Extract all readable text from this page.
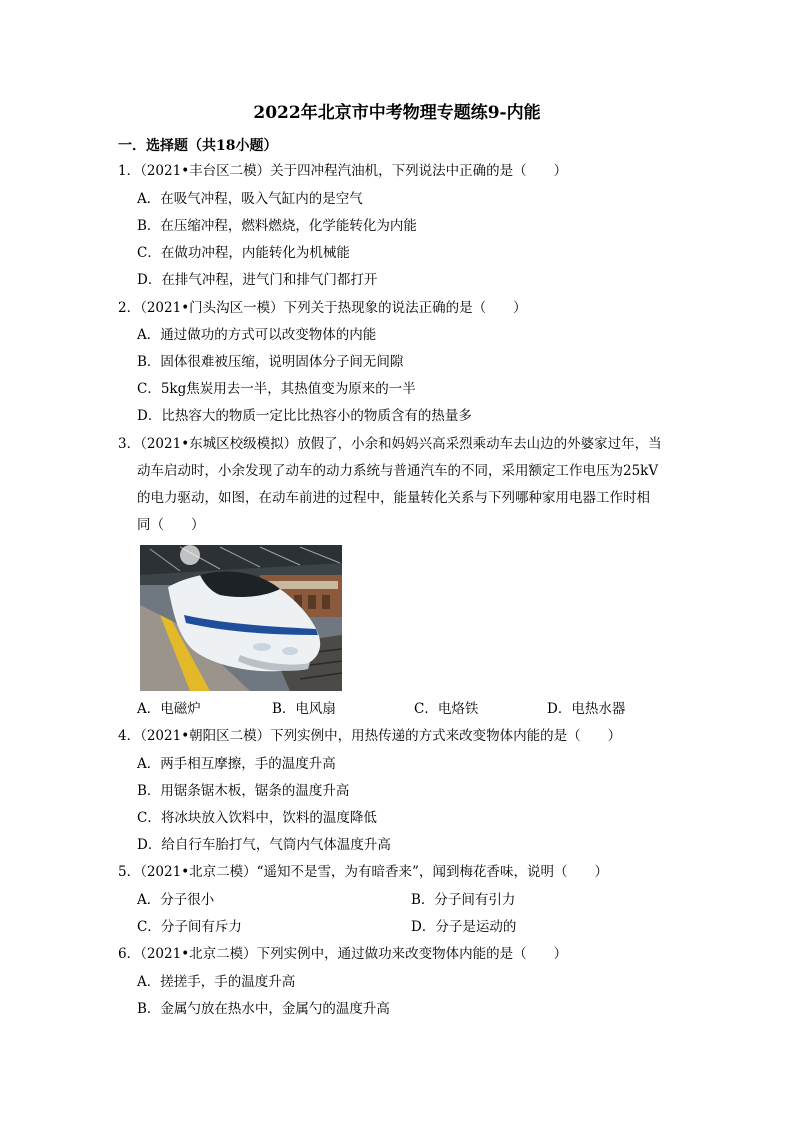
2022年北京市中考物理专题练9-内能
一．选择题（共18小题）
1．（2021•丰台区二模）关于四冲程汽油机，下列说法中正确的是（　　）
A．在吸气冲程，吸入气缸内的是空气
B．在压缩冲程，燃料燃烧，化学能转化为内能
C．在做功冲程，内能转化为机械能
D．在排气冲程，进气门和排气门都打开
2．（2021•门头沟区一模）下列关于热现象的说法正确的是（　　）
A．通过做功的方式可以改变物体的内能
B．固体很难被压缩，说明固体分子间无间隙
C．5kg焦炭用去一半，其热值变为原来的一半
D．比热容大的物质一定比比热容小的物质含有的热量多
3．（2021•东城区校级模拟）放假了，小余和妈妈兴高采烈乘动车去山边的外婆家过年，当
动车启动时，小余发现了动车的动力系统与普通汽车的不同，采用额定工作电压为25kV
的电力驱动，如图，在动车前进的过程中，能量转化关系与下列哪种家用电器工作时相
同（　　）
A．电磁炉	B．电风扇	C．电烙铁	D．电热水器
4．（2021•朝阳区二模）下列实例中，用热传递的方式来改变物体内能的是（　　）
A．两手相互摩擦，手的温度升高
B．用锯条锯木板，锯条的温度升高
C．将冰块放入饮料中，饮料的温度降低
D．给自行车胎打气，气筒内气体温度升高
5．（2021•北京二模）“遥知不是雪，为有暗香来”，闻到梅花香味，说明（　　）
A．分子很小	B．分子间有引力
C．分子间有斥力	D．分子是运动的
6．（2021•北京二模）下列实例中，通过做功来改变物体内能的是（　　）
A．搓搓手，手的温度升高
B．金属勺放在热水中，金属勺的温度升高
